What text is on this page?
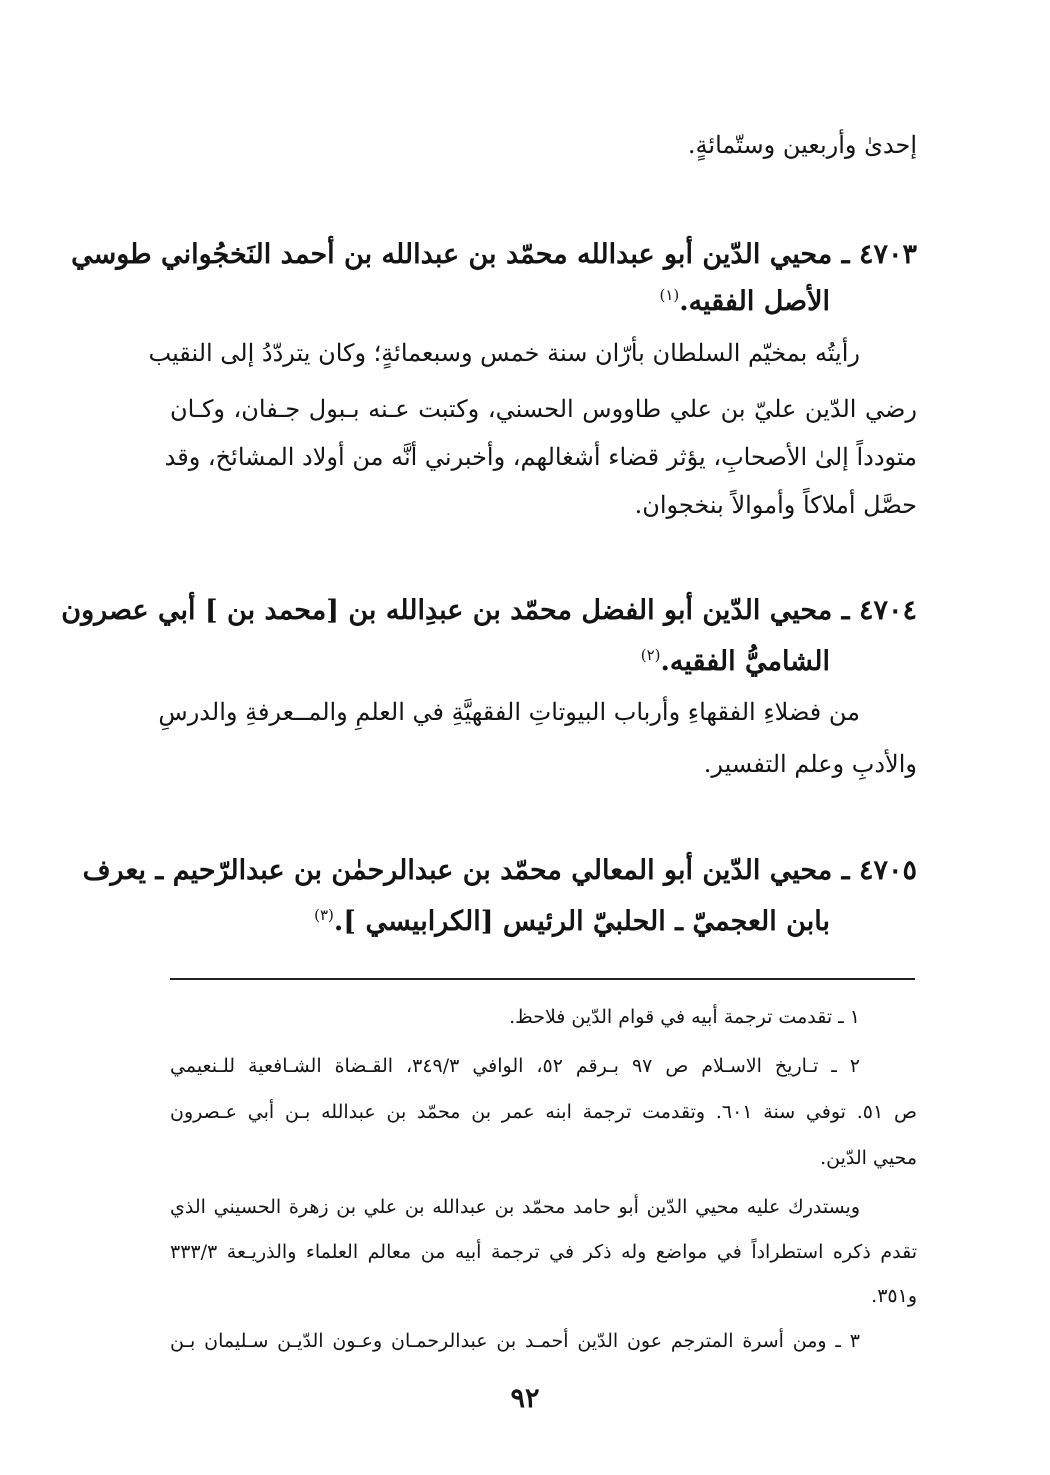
إحدىٰ وأربعين وستّمائةٍ.

٤٧٠٣ ـ محيي الدّين أبو عبدالله محمّد بن عبدالله بن أحمد النَخجُواني طوسي

الأصل الفقيه.$^{(١)}$

رأيتُه بمخيّم السلطان بأرّان سنة خمس وسبعمائةٍ؛ وكان يتردّدُ إلى النقيب

رضي الدّين عليّ بن علي طاووس الحسني، وكتبت عـنه بـبول جـفان، وكـان

متودداً إلىٰ الأصحابِ، يؤثر قضاء أشغالهم، وأخبرني أنَّه من أولاد المشائخ، وقد

حصَّل أملاكاً وأموالاً بنخجوان.

٤٧٠٤ ـ محيي الدّين أبو الفضل محمّد بن عبدِالله بن [محمد بن ] أبي عصرون

الشاميُّ الفقيه.$^{(٢)}$

من فضلاءِ الفقهاءِ وأرباب البيوتاتِ الفقهيَّةِ في العلمِ والمــعرفةِ والدرسِ

والأدبِ وعلم التفسير.

٤٧٠٥ ـ محيي الدّين أبو المعالي محمّد بن عبدالرحمٰن بن عبدالرّحيم ـ يعرف

بابن العجميّ ـ الحلبيّ الرئيس [الكرابيسي ].$^{(٣)}$

١ ـ تقدمت ترجمة أبيه في قوام الدّين فلاحظ.

٢ ـ تـاريخ الاسـلام ص ٩٧ بـرقم ٥٢، الوافي ٣٤٩/٣، القـضاة الشـافعية للـنعيمي

ص ٥١. توفي سنة ٦٠١. وتقدمت ترجمة ابنه عمر بن محمّد بن عبدالله بـن أبي عـصرون

محيي الدّين.

ويستدرك عليه محيي الدّين أبو حامد محمّد بن عبدالله بن علي بن زهرة الحسيني الذي

تقدم ذكره استطراداً في مواضع وله ذكر في ترجمة أبيه من معالم العلماء والذريـعة ٣٣٣/٣

و٣٥١.

٣ ـ ومن أسرة المترجم عون الدّين أحمـد بن عبدالرحمـان وعـون الدّيـن سـليمان بـن

٩٢
